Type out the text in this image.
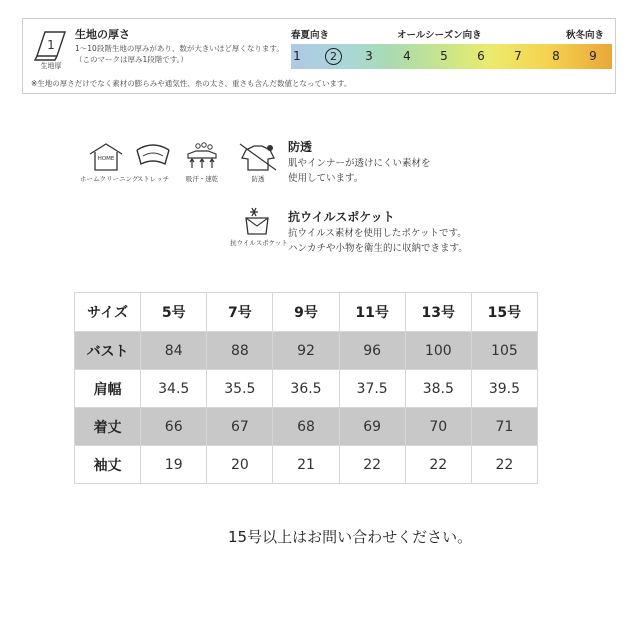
1
生地厚
生地の厚さ
1～10段階生地の厚みがあり、数が大きいほど厚くなります。
（このマークは厚み1段階です。）
※生地の厚さだけでなく素材の膨らみや通気性、糸の太さ、重さも含んだ数値となっています。
春夏向き	オールシーズン向き	秋冬向き
1	2	3	4	5	6	7	8	9
HOME
ホームクリーニング
ストレッチ	吸汗・速乾	防透
防透
肌やインナーが透けにくい素材を
使用しています。
抗ウイルスポケット
抗ウイルスポケット
抗ウイルス素材を使用したポケットです。
ハンカチや小物を衛生的に収納できます。
サイズ	5号	7号	9号	11号	13号	15号
バスト	84	88	92	96	100	105
肩幅	34.5	35.5	36.5	37.5	38.5	39.5
着丈	66	67	68	69	70	71
袖丈	19	20	21	22	22	22
15号以上はお問い合わせください。
